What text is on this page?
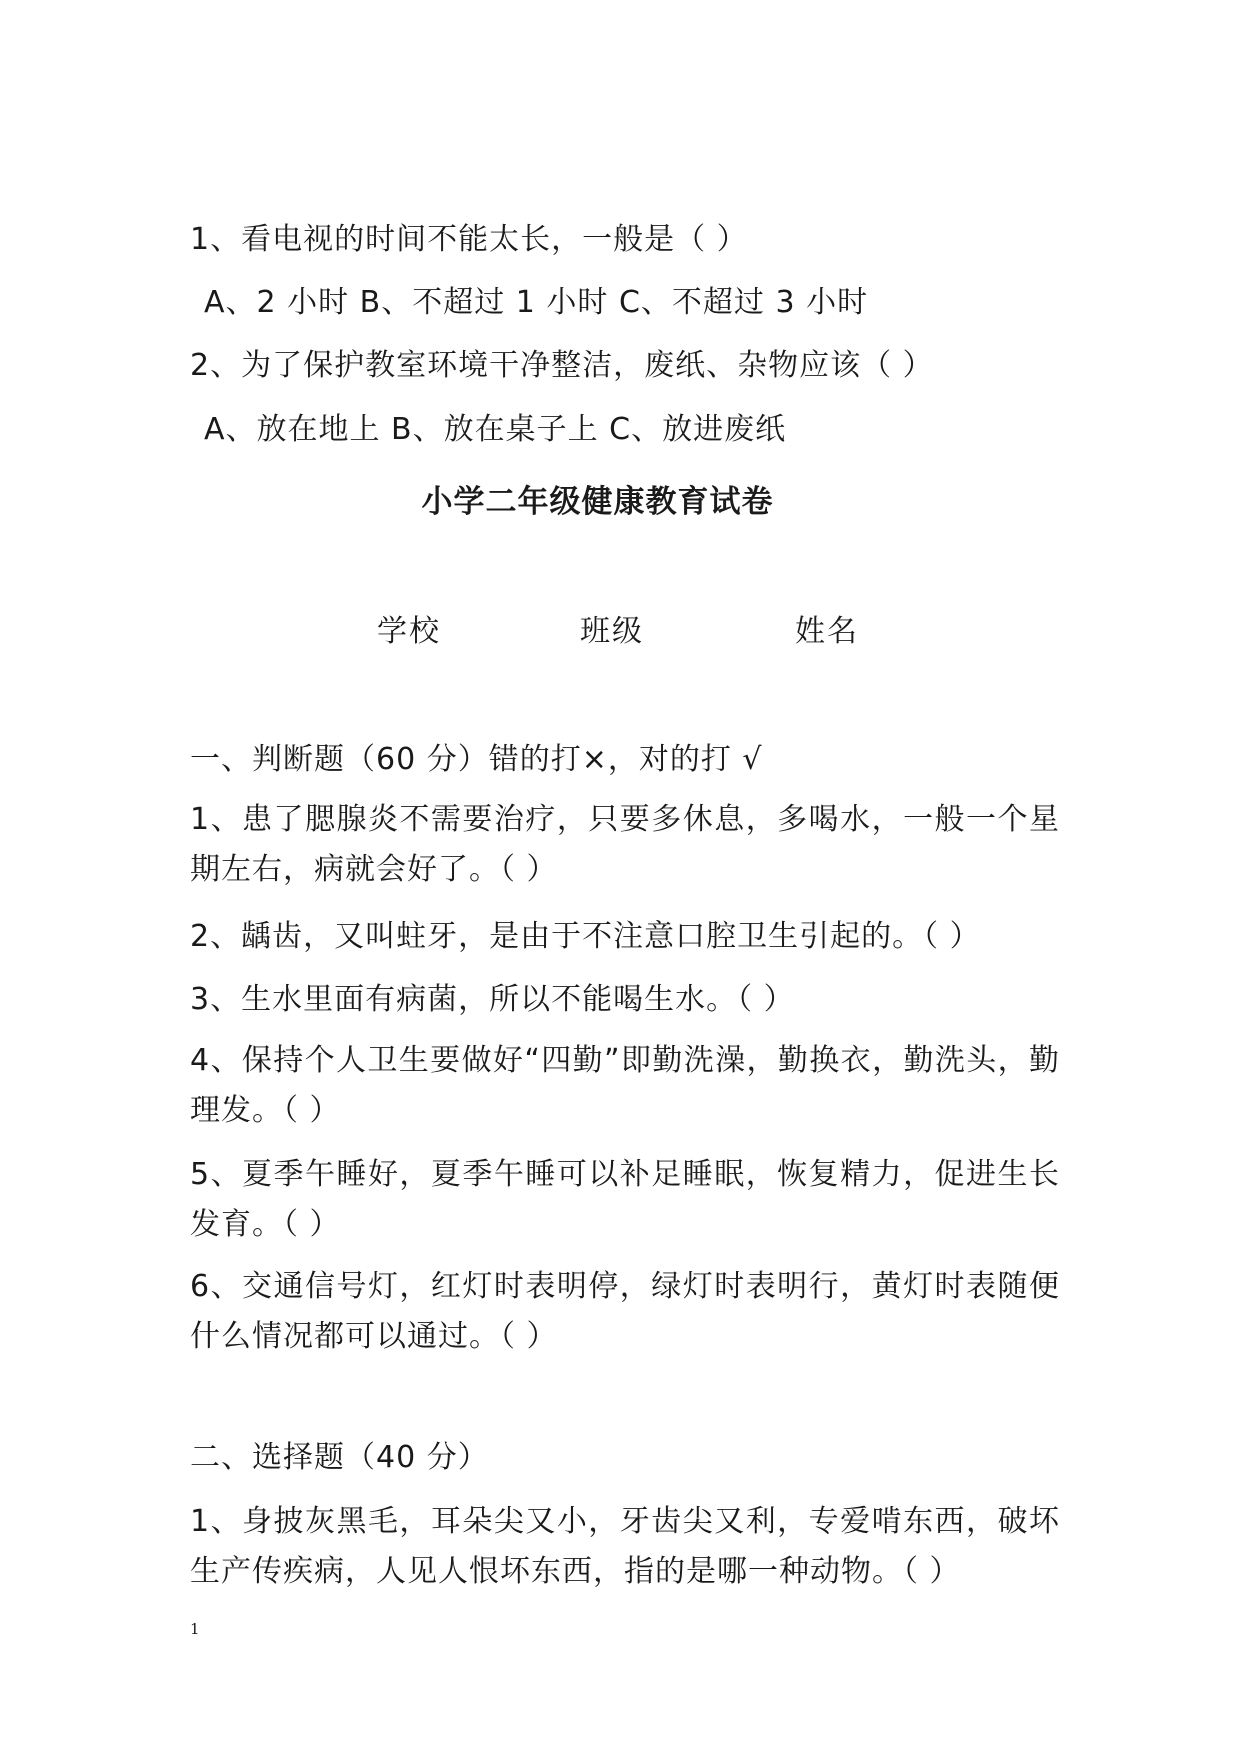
1、看电视的时间不能太长，一般是（ ）
A、2 小时 B、不超过 1 小时 C、不超过 3 小时
2、为了保护教室环境干净整洁，废纸、杂物应该（ ）
A、放在地上 B、放在桌子上 C、放进废纸
小学二年级健康教育试卷
学校	班级	姓名
一、判断题（60 分）错的打×，对的打 √
1、患了腮腺炎不需要治疗，只要多休息，多喝水，一般一个星期左右，病就会好了。（ ）
2、龋齿，又叫蛀牙，是由于不注意口腔卫生引起的。（ ）
3、生水里面有病菌，所以不能喝生水。（ ）
4、保持个人卫生要做好“四勤”即勤洗澡，勤换衣，勤洗头，勤理发。（ ）
5、夏季午睡好，夏季午睡可以补足睡眠，恢复精力，促进生长发育。（ ）
6、交通信号灯，红灯时表明停，绿灯时表明行，黄灯时表随便什么情况都可以通过。（ ）
二、选择题（40 分）
1、身披灰黑毛，耳朵尖又小，牙齿尖又利，专爱啃东西，破坏生产传疾病，人见人恨坏东西，指的是哪一种动物。（ ）
1
